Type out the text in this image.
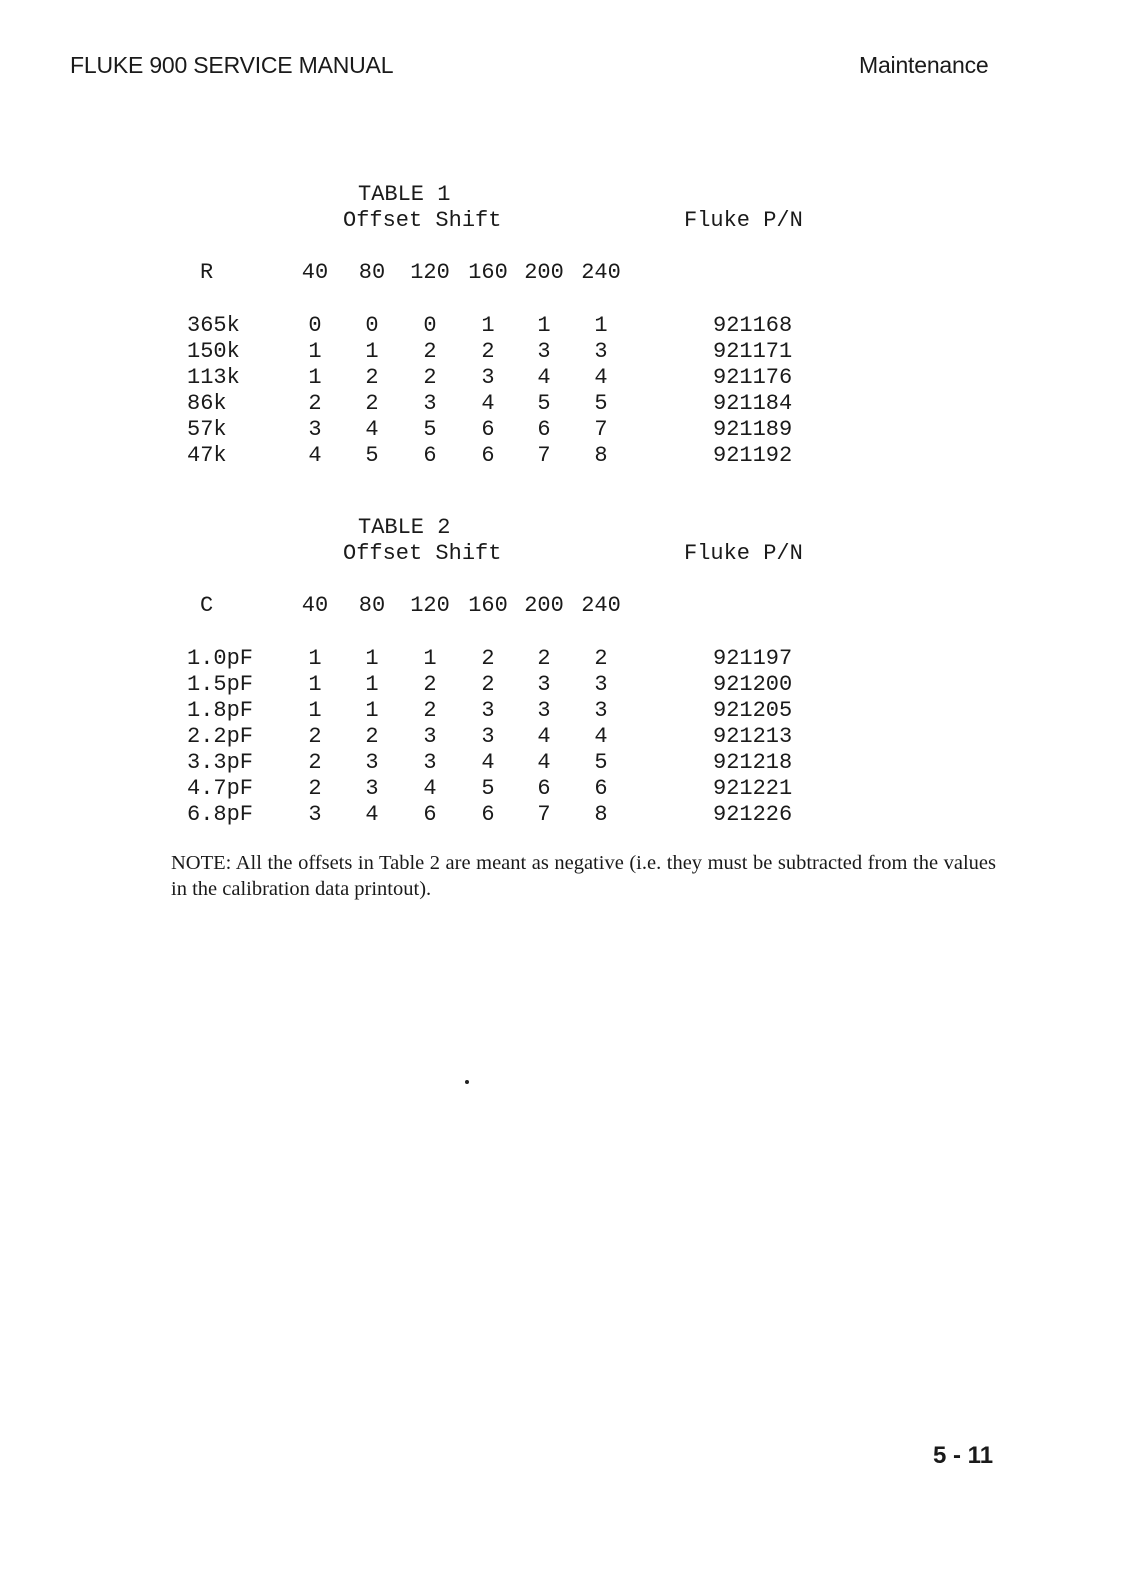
FLUKE 900 SERVICE MANUAL	Maintenance
TABLE 1
Offset Shift	Fluke P/N
R	40 80 120 160 200 240
365k	0 0 0 1 1 1	921168
150k	1 1 2 2 3 3	921171
113k	1 2 2 3 4 4	921176
86k	2 2 3 4 5 5	921184
57k	3 4 5 6 6 7	921189
47k	4 5 6 6 7 8	921192
TABLE 2
Offset Shift	Fluke P/N
C	40 80 120 160 200 240
1.0pF	1 1 1 2 2 2	921197
1.5pF	1 1 2 2 3 3	921200
1.8pF	1 1 2 3 3 3	921205
2.2pF	2 2 3 3 4 4	921213
3.3pF	2 3 3 4 4 5	921218
4.7pF	2 3 4 5 6 6	921221
6.8pF	3 4 6 6 7 8	921226
NOTE: All the offsets in Table 2 are meant as negative (i.e. they must be subtracted from the values in the calibration data printout).
5 - 11
